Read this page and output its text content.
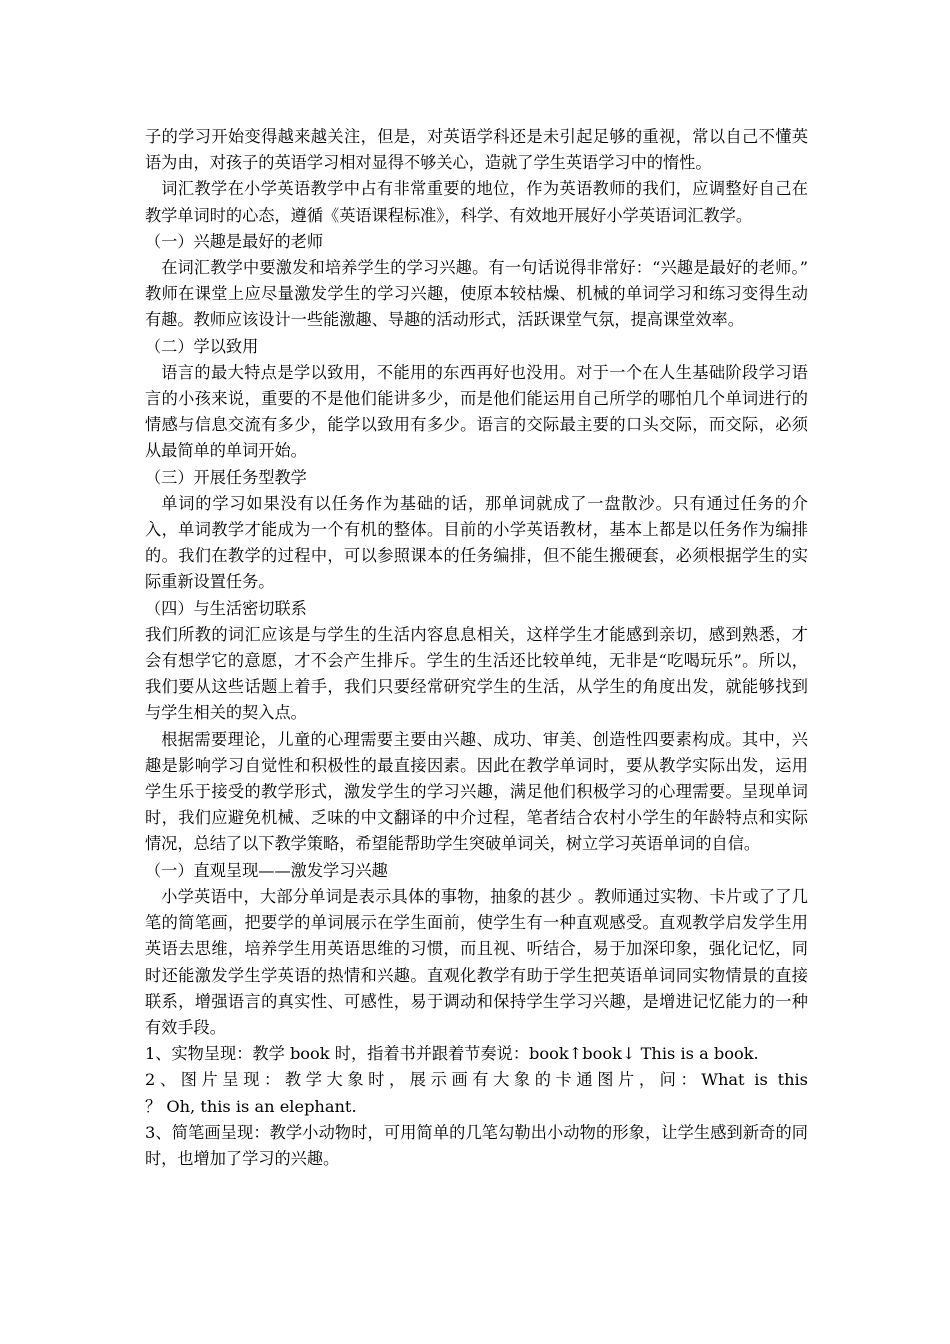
子的学习开始变得越来越关注，但是，对英语学科还是未引起足够的重视，常以自己不懂英语为由，对孩子的英语学习相对显得不够关心，造就了学生英语学习中的惰性。

词汇教学在小学英语教学中占有非常重要的地位，作为英语教师的我们，应调整好自己在教学单词时的心态，遵循《英语课程标准》，科学、有效地开展好小学英语词汇教学。

（一）兴趣是最好的老师

在词汇教学中要激发和培养学生的学习兴趣。有一句话说得非常好：“兴趣是最好的老师。” 教师在课堂上应尽量激发学生的学习兴趣，使原本较枯燥、机械的单词学习和练习变得生动有趣。教师应该设计一些能激趣、导趣的活动形式，活跃课堂气氛，提高课堂效率。

（二）学以致用

语言的最大特点是学以致用，不能用的东西再好也没用。对于一个在人生基础阶段学习语言的小孩来说，重要的不是他们能讲多少，而是他们能运用自己所学的哪怕几个单词进行的情感与信息交流有多少，能学以致用有多少。语言的交际最主要的口头交际，而交际，必须从最简单的单词开始。

（三）开展任务型教学

单词的学习如果没有以任务作为基础的话，那单词就成了一盘散沙。只有通过任务的介入，单词教学才能成为一个有机的整体。目前的小学英语教材，基本上都是以任务作为编排的。我们在教学的过程中，可以参照课本的任务编排，但不能生搬硬套，必须根据学生的实际重新设置任务。

（四）与生活密切联系

我们所教的词汇应该是与学生的生活内容息息相关，这样学生才能感到亲切，感到熟悉，才会有想学它的意愿，才不会产生排斥。学生的生活还比较单纯，无非是“吃喝玩乐”。所以，我们要从这些话题上着手，我们只要经常研究学生的生活，从学生的角度出发，就能够找到与学生相关的契入点。

根据需要理论，儿童的心理需要主要由兴趣、成功、审美、创造性四要素构成。其中，兴趣是影响学习自觉性和积极性的最直接因素。因此在教学单词时，要从教学实际出发，运用学生乐于接受的教学形式，激发学生的学习兴趣，满足他们积极学习的心理需要。呈现单词时，我们应避免机械、乏味的中文翻译的中介过程，笔者结合农村小学生的年龄特点和实际情况，总结了以下教学策略，希望能帮助学生突破单词关，树立学习英语单词的自信。

（一）直观呈现——激发学习兴趣

小学英语中，大部分单词是表示具体的事物，抽象的甚少 。教师通过实物、卡片或了了几笔的简笔画，把要学的单词展示在学生面前，使学生有一种直观感受。直观教学启发学生用英语去思维，培养学生用英语思维的习惯，而且视、听结合，易于加深印象，强化记忆，同时还能激发学生学英语的热情和兴趣。直观化教学有助于学生把英语单词同实物情景的直接联系，增强语言的真实性、可感性，易于调动和保持学生学习兴趣，是增进记忆能力的一种有效手段。

1、实物呈现：教学 book 时，指着书并跟着节奏说：book↑book↓ This is a book.

2、图片呈现：教学大象时，展示画有大象的卡通图片，问：What is this

？ Oh, this is an elephant.

3、简笔画呈现：教学小动物时，可用简单的几笔勾勒出小动物的形象，让学生感到新奇的同时，也增加了学习的兴趣。
